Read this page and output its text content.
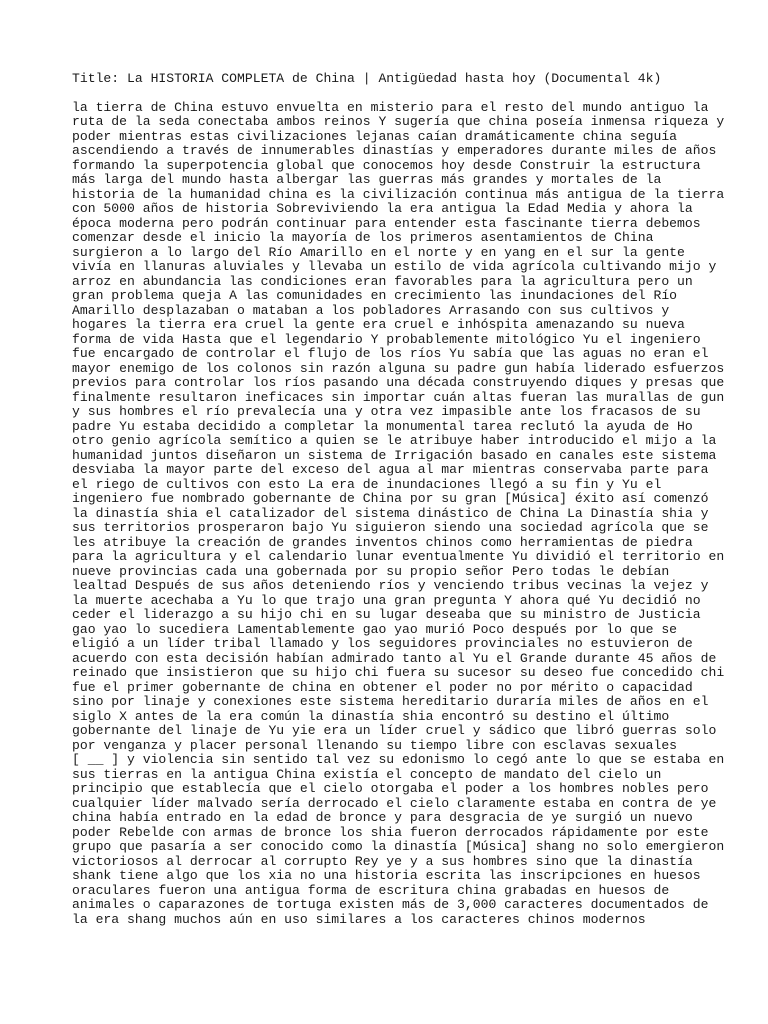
Title: La HISTORIA COMPLETA de China | Antigüedad hasta hoy (Documental 4k)
la tierra de China estuvo envuelta en misterio para el resto del mundo antiguo la
ruta de la seda conectaba ambos reinos Y sugería que china poseía inmensa riqueza y
poder mientras estas civilizaciones lejanas caían dramáticamente china seguía
ascendiendo a través de innumerables dinastías y emperadores durante miles de años
formando la superpotencia global que conocemos hoy desde Construir la estructura
más larga del mundo hasta albergar las guerras más grandes y mortales de la
historia de la humanidad china es la civilización continua más antigua de la tierra
con 5000 años de historia Sobreviviendo la era antigua la Edad Media y ahora la
época moderna pero podrán continuar para entender esta fascinante tierra debemos
comenzar desde el inicio la mayoría de los primeros asentamientos de China
surgieron a lo largo del Río Amarillo en el norte y en yang en el sur la gente
vivía en llanuras aluviales y llevaba un estilo de vida agrícola cultivando mijo y
arroz en abundancia las condiciones eran favorables para la agricultura pero un
gran problema queja A las comunidades en crecimiento las inundaciones del Río
Amarillo desplazaban o mataban a los pobladores Arrasando con sus cultivos y
hogares la tierra era cruel la gente era cruel e inhóspita amenazando su nueva
forma de vida Hasta que el legendario Y probablemente mitológico Yu el ingeniero
fue encargado de controlar el flujo de los ríos Yu sabía que las aguas no eran el
mayor enemigo de los colonos sin razón alguna su padre gun había liderado esfuerzos
previos para controlar los ríos pasando una década construyendo diques y presas que
finalmente resultaron ineficaces sin importar cuán altas fueran las murallas de gun
y sus hombres el río prevalecía una y otra vez impasible ante los fracasos de su
padre Yu estaba decidido a completar la monumental tarea reclutó la ayuda de Ho
otro genio agrícola semítico a quien se le atribuye haber introducido el mijo a la
humanidad juntos diseñaron un sistema de Irrigación basado en canales este sistema
desviaba la mayor parte del exceso del agua al mar mientras conservaba parte para
el riego de cultivos con esto La era de inundaciones llegó a su fin y Yu el
ingeniero fue nombrado gobernante de China por su gran [Música] éxito así comenzó
la dinastía shia el catalizador del sistema dinástico de China La Dinastía shia y
sus territorios prosperaron bajo Yu siguieron siendo una sociedad agrícola que se
les atribuye la creación de grandes inventos chinos como herramientas de piedra
para la agricultura y el calendario lunar eventualmente Yu dividió el territorio en
nueve provincias cada una gobernada por su propio señor Pero todas le debían
lealtad Después de sus años deteniendo ríos y venciendo tribus vecinas la vejez y
la muerte acechaba a Yu lo que trajo una gran pregunta Y ahora qué Yu decidió no
ceder el liderazgo a su hijo chi en su lugar deseaba que su ministro de Justicia
gao yao lo sucediera Lamentablemente gao yao murió Poco después por lo que se
eligió a un líder tribal llamado y los seguidores provinciales no estuvieron de
acuerdo con esta decisión habían admirado tanto al Yu el Grande durante 45 años de
reinado que insistieron que su hijo chi fuera su sucesor su deseo fue concedido chi
fue el primer gobernante de china en obtener el poder no por mérito o capacidad
sino por linaje y conexiones este sistema hereditario duraría miles de años en el
siglo X antes de la era común la dinastía shia encontró su destino el último
gobernante del linaje de Yu yie era un líder cruel y sádico que libró guerras solo
por venganza y placer personal llenando su tiempo libre con esclavas sexuales
[ __ ] y violencia sin sentido tal vez su edonismo lo cegó ante lo que se estaba en
sus tierras en la antigua China existía el concepto de mandato del cielo un
principio que establecía que el cielo otorgaba el poder a los hombres nobles pero
cualquier líder malvado sería derrocado el cielo claramente estaba en contra de ye
china había entrado en la edad de bronce y para desgracia de ye surgió un nuevo
poder Rebelde con armas de bronce los shia fueron derrocados rápidamente por este
grupo que pasaría a ser conocido como la dinastía [Música] shang no solo emergieron
victoriosos al derrocar al corrupto Rey ye y a sus hombres sino que la dinastía
shank tiene algo que los xia no una historia escrita las inscripciones en huesos
oraculares fueron una antigua forma de escritura china grabadas en huesos de
animales o caparazones de tortuga existen más de 3,000 caracteres documentados de
la era shang muchos aún en uso similares a los caracteres chinos modernos
